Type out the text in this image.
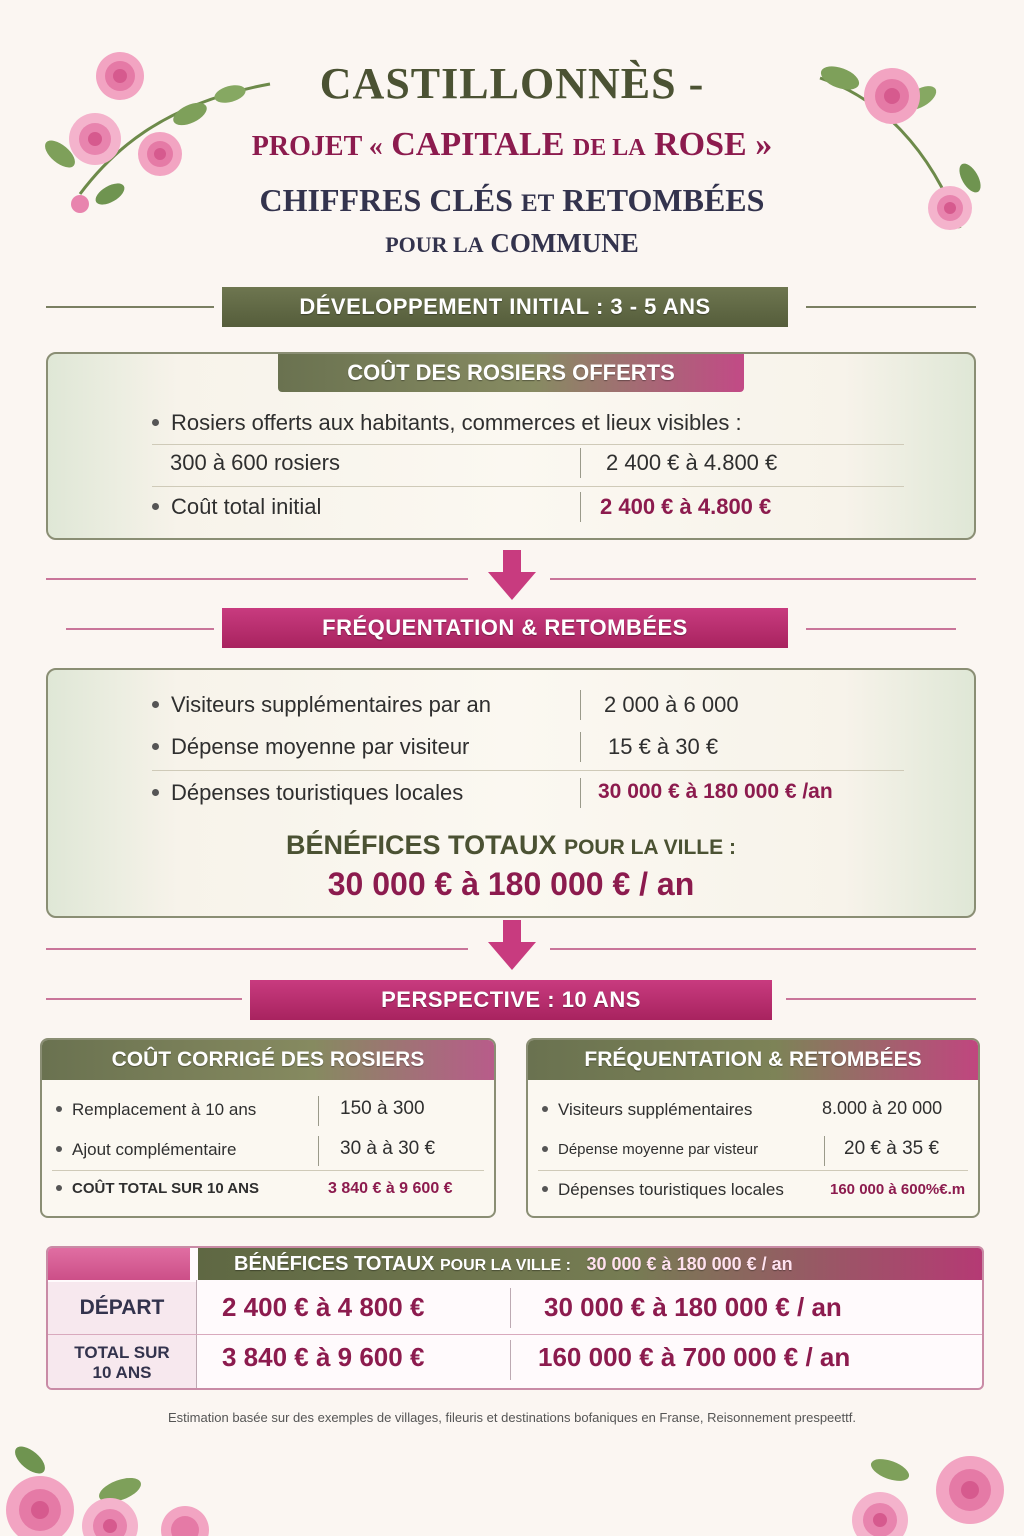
CASTILLONNÈS -
PROJET « CAPITALE DE LA ROSE »
CHIFFRES CLÉS ET RETOMBÉES
POUR LA COMMUNE
DÉVELOPPEMENT INITIAL : 3 - 5 ANS
COÛT DES ROSIERS OFFERTS
Rosiers offerts aux habitants, commerces et lieux visibles :
300 à 600 rosiers	2 400 € à 4.800 €
Coût total initial	2 400 € à 4.800 €
FRÉQUENTATION & RETOMBÉES
Visiteurs supplémentaires par an	2 000 à 6 000
Dépense moyenne par visiteur	15 € à 30 €
Dépenses touristiques locales	30 000 € à 180 000 € /an
BÉNÉFICES TOTAUX POUR LA VILLE :
30 000 € à 180 000 € / an
PERSPECTIVE : 10 ANS
COÛT CORRIGÉ DES ROSIERS
Remplacement à 10 ans	150 à 300
Ajout complémentaire	30 à à 30 €
COÛT TOTAL SUR 10 ANS	3 840 € à 9 600 €
FRÉQUENTATION & RETOMBÉES
Visiteurs supplémentaires	8.000 à 20 000
Dépense moyenne par visteur	20 € à 35 €
Dépenses touristiques locales	160 000 à 600%€.m
BÉNÉFICES TOTAUX POUR LA VILLE : 30 000 € à 180 000 € / an
DÉPART	2 400 € à 4 800 €	30 000 € à 180 000 € / an
TOTAL SUR
10 ANS
3 840 € à 9 600 €	160 000 € à 700 000 € / an
Estimation basée sur des exemples de villages, fileuris et destinations bofaniques en Franse, Reisonnement prespeettf.
